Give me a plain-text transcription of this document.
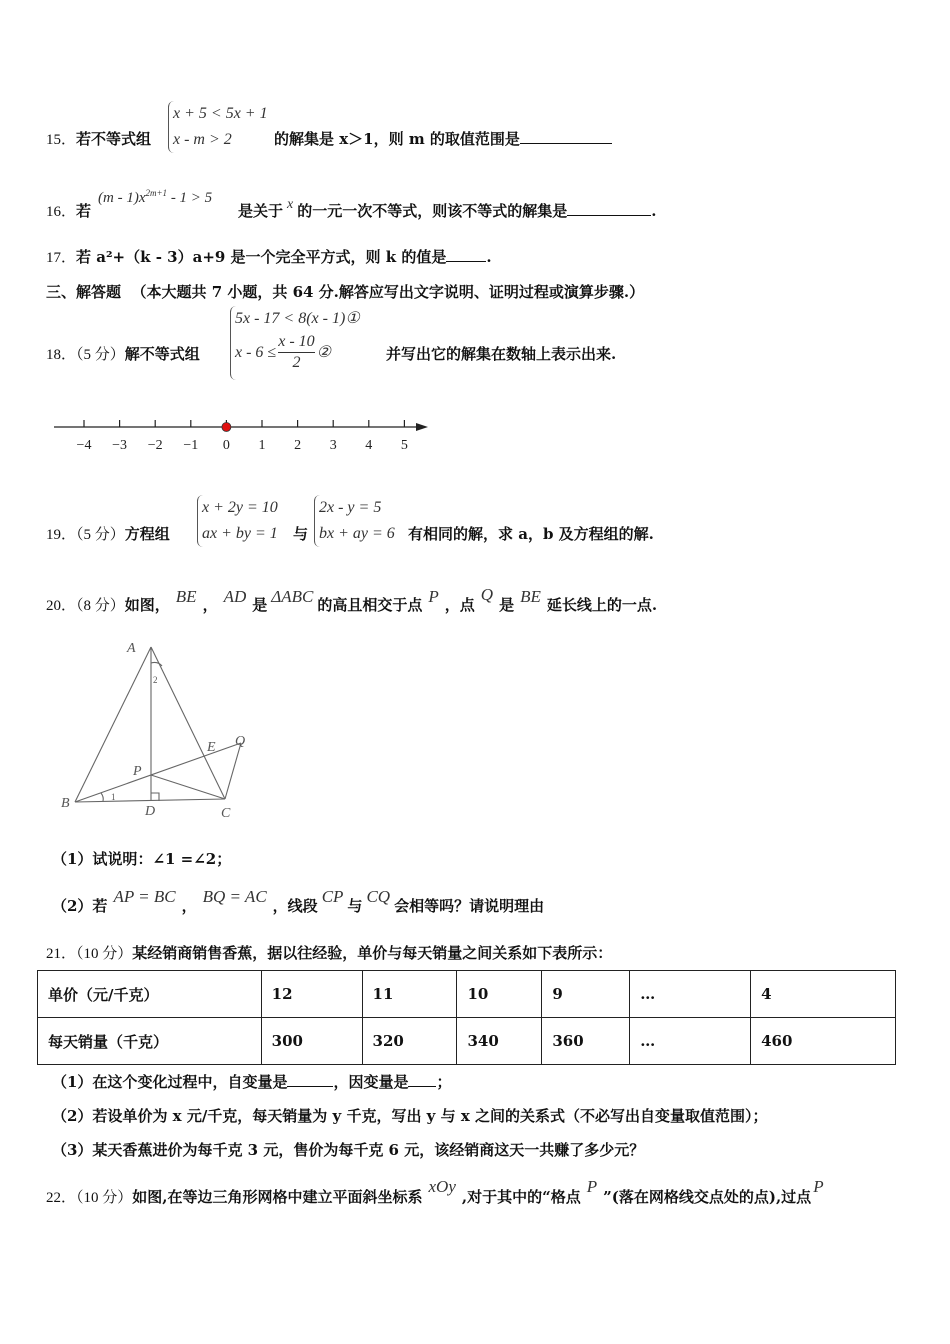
15．若不等式组
x + 5 < 5x + 1
x - m > 2	的解集是 x＞1，则 m 的取值范围是
16．若
$(m - 1)x^{2m+1} - 1 > 5$
是关于 x 的一元一次不等式，则该不等式的解集是	.
17．若 a²+（k - 3）a+9 是一个完全平方式，则 k 的值是	.
三、解答题 （本大题共 7 小题，共 64 分.解答应写出文字说明、证明过程或演算步骤.）
18．（5 分）解不等式组
5x - 17 < 8(x - 1)①
$x - 6 \le \frac{x - 10}{2}$ ②	并写出它的解集在数轴上表示出来.
−4 −3 −2 −1 0 1 2 3 4 5
19．（5 分）方程组
x + 2y = 10
ax + by = 1 与
2x - y = 5
bx + ay = 6 有相同的解，求 a，b 及方程组的解.
20．（8 分）如图， BE ， AD 是 ΔABC 的高且相交于点 P ，点Q是 BE 延长线上的一点.
A
B
C
D
E
P
Q
2
1
（1）试说明：∠1 =∠2；
（2）若 AP = BC ， BQ = AC ，线段 CP 与 CQ 会相等吗？请说明理由
21．（10 分）某经销商销售香蕉，据以往经验，单价与每天销量之间关系如下表所示：
单价（元/千克）	12	11	10	9	…	4
每天销量（千克）	300	320	340	360	…	460
（1）在这个变化过程中，自变量是	，因变量是 ；
（2）若设单价为 x 元/千克，每天销量为 y 千克，写出 y 与 x 之间的关系式（不必写出自变量取值范围）；
（3）某天香蕉进价为每千克 3 元，售价为每千克 6 元，该经销商这天一共赚了多少元？
22．（10 分）如图,在等边三角形网格中建立平面斜坐标系xOy,对于其中的“格点P”(落在网格线交点处的点),过点P
